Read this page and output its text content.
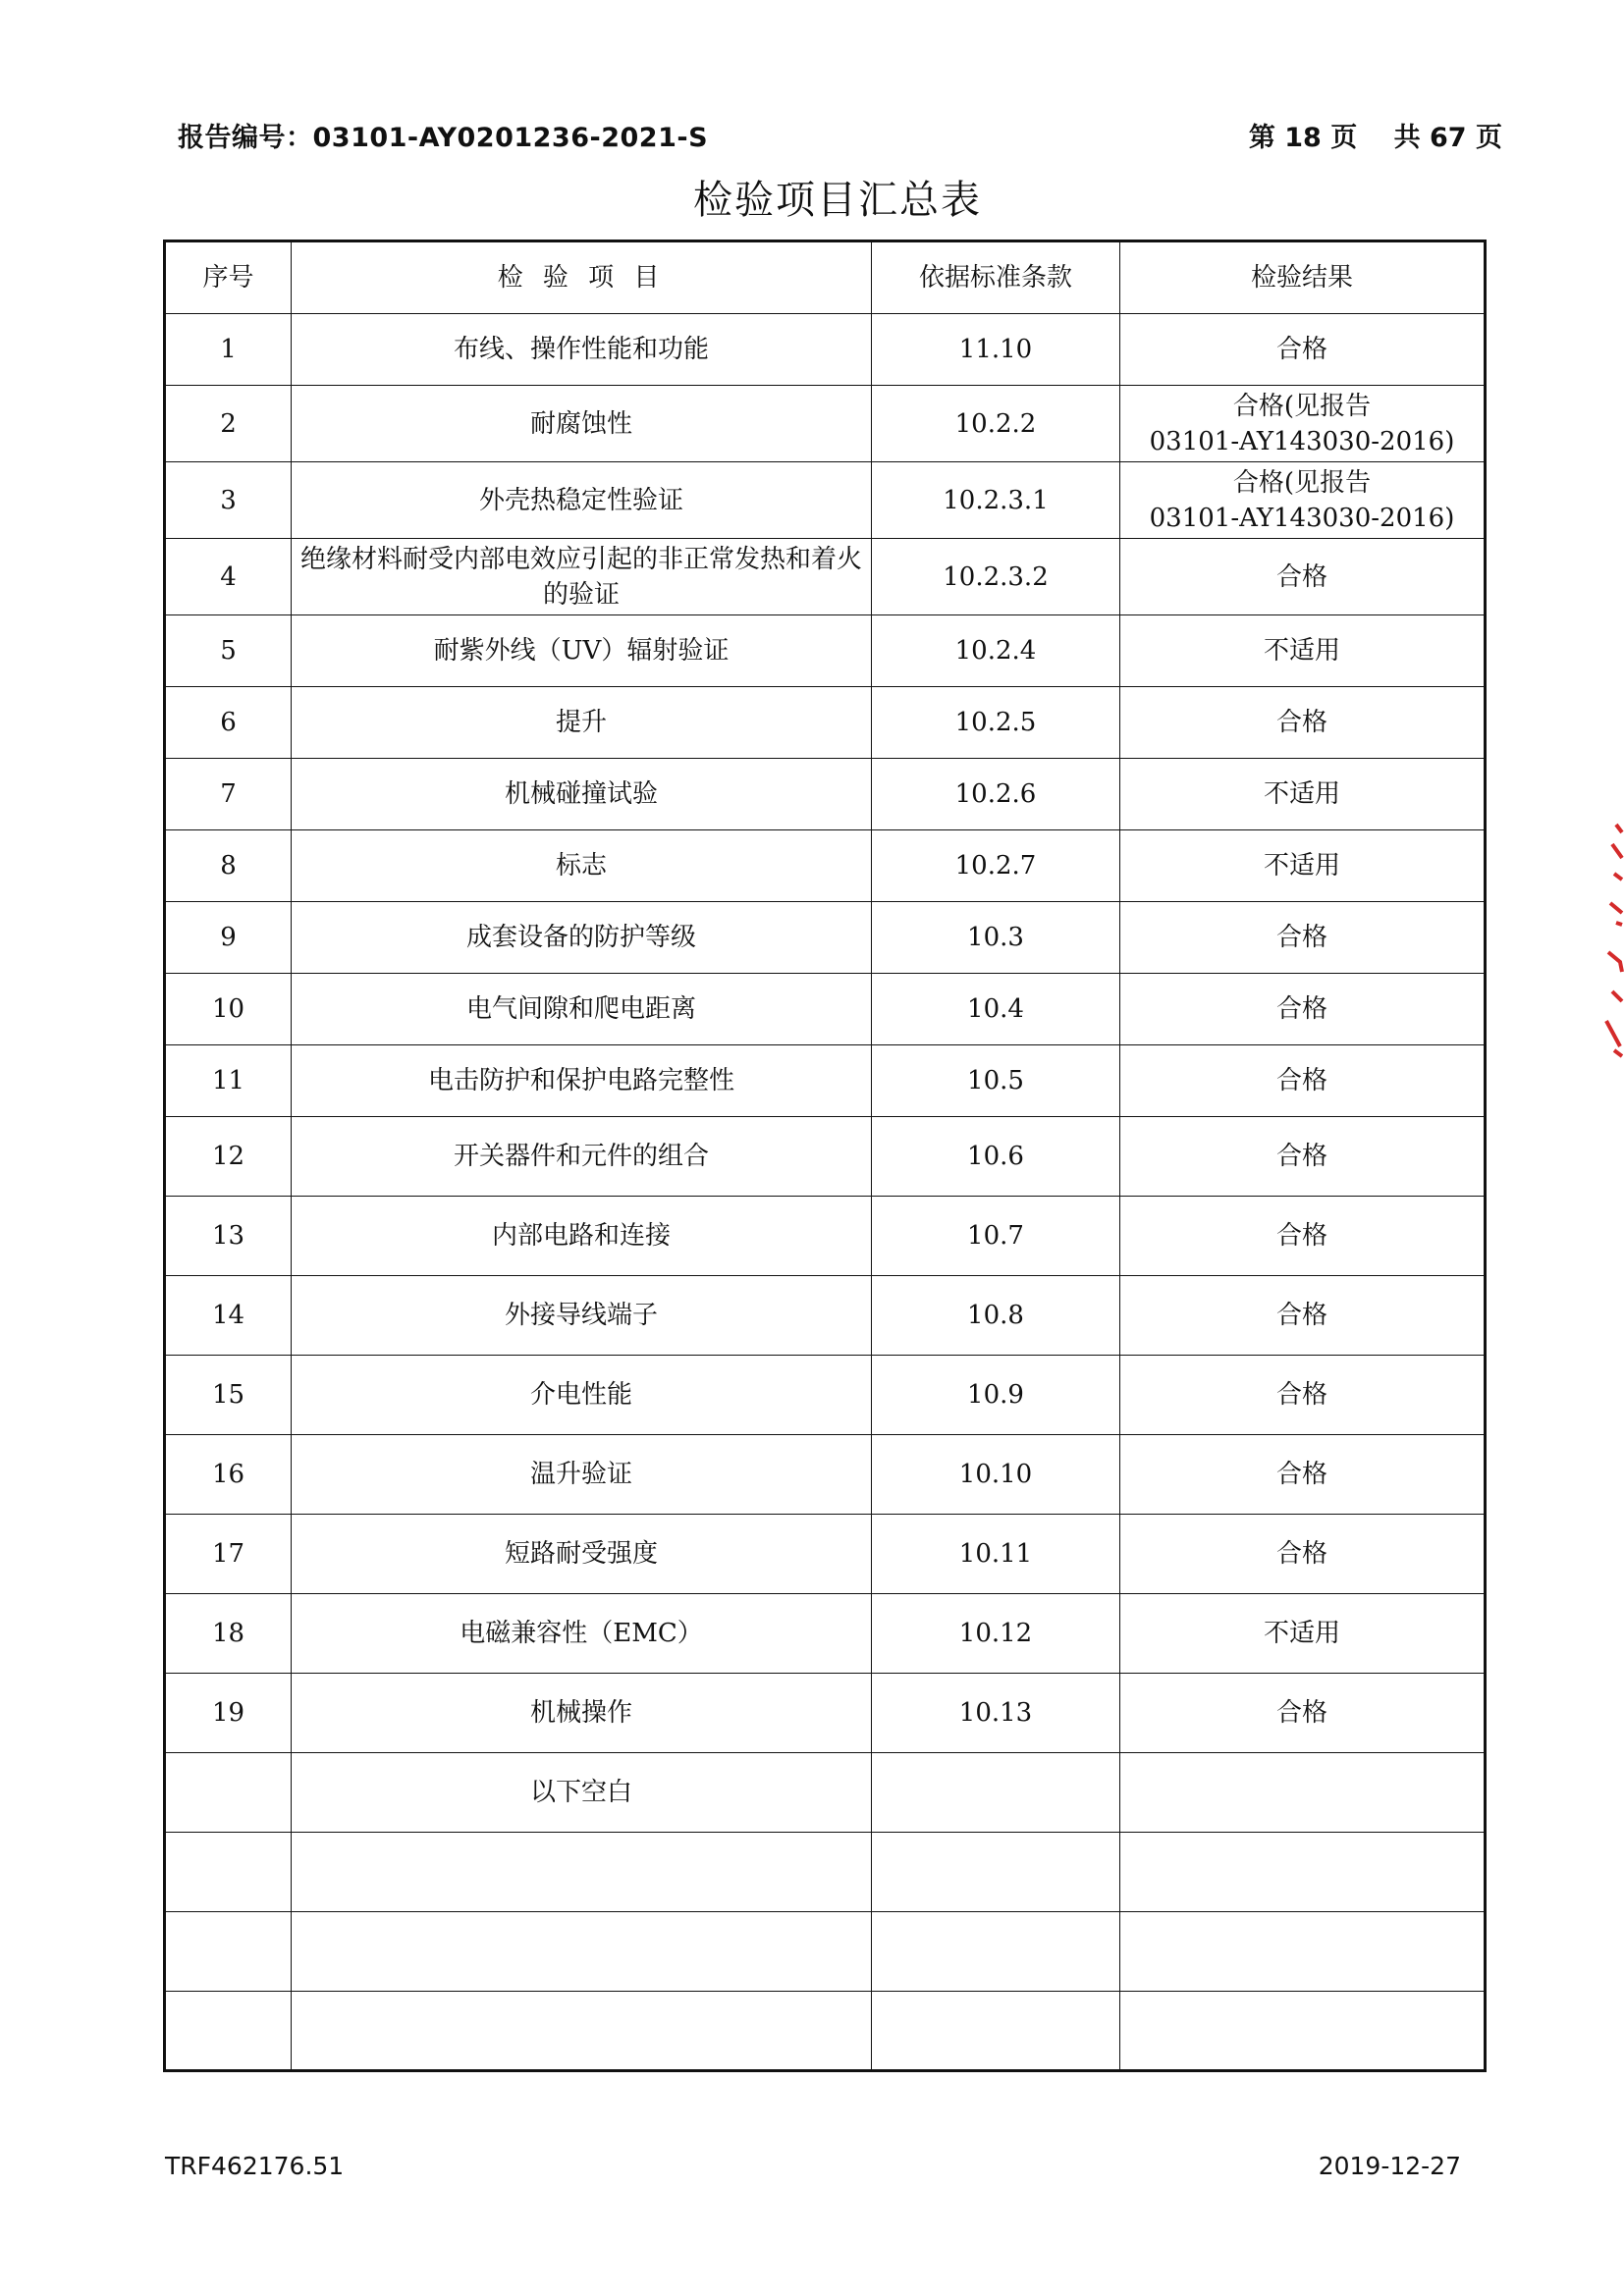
报告编号：03101-AY0201236-2021-S	第 18 页 共 67 页
检验项目汇总表
序号	检 验 项 目	依据标准条款	检验结果
1	布线、操作性能和功能	11.10	合格
2	耐腐蚀性	10.2.2	合格(见报告
03101-AY143030-2016)
3	外壳热稳定性验证	10.2.3.1	合格(见报告
03101-AY143030-2016)
4	绝缘材料耐受内部电效应引起的非正常发热和着火的验证	10.2.3.2	合格
5	耐紫外线（UV）辐射验证	10.2.4	不适用
6	提升	10.2.5	合格
7	机械碰撞试验	10.2.6	不适用
8	标志	10.2.7	不适用
9	成套设备的防护等级	10.3	合格
10	电气间隙和爬电距离	10.4	合格
11	电击防护和保护电路完整性	10.5	合格
12	开关器件和元件的组合	10.6	合格
13	内部电路和连接	10.7	合格
14	外接导线端子	10.8	合格
15	介电性能	10.9	合格
16	温升验证	10.10	合格
17	短路耐受强度	10.11	合格
18	电磁兼容性（EMC）	10.12	不适用
19	机械操作	10.13	合格
	以下空白		

TRF462176.51	2019-12-27
